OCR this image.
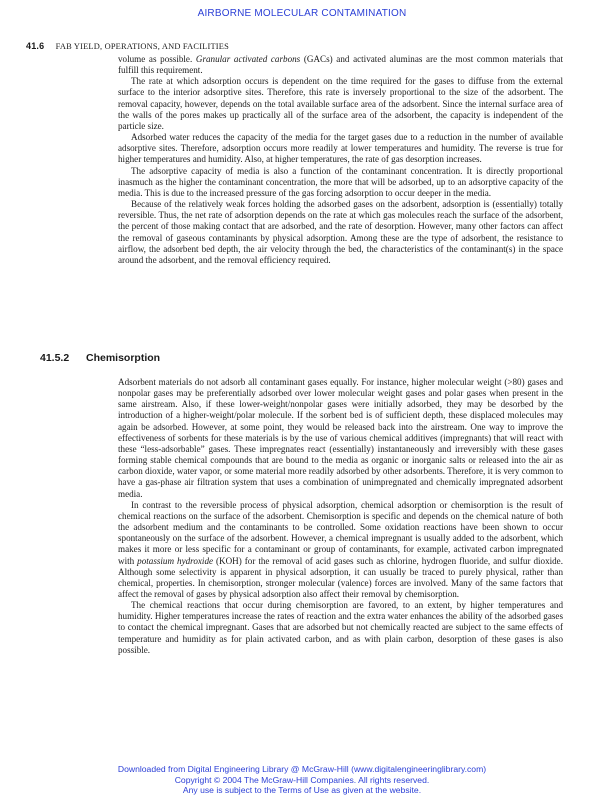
AIRBORNE MOLECULAR CONTAMINATION
41.6 FAB YIELD, OPERATIONS, AND FACILITIES

volume as possible. Granular activated carbons (GACs) and activated aluminas are the most common materials that fulfill this requirement.

The rate at which adsorption occurs is dependent on the time required for the gases to diffuse from the external surface to the interior adsorptive sites. Therefore, this rate is inversely proportional to the size of the adsorbent. The removal capacity, however, depends on the total available surface area of the adsorbent. Since the internal surface area of the walls of the pores makes up practically all of the surface area of the adsorbent, the capacity is independent of the particle size.

Adsorbed water reduces the capacity of the media for the target gases due to a reduction in the number of available adsorptive sites. Therefore, adsorption occurs more readily at lower temperatures and humidity. The reverse is true for higher temperatures and humidity. Also, at higher temperatures, the rate of gas desorption increases.

The adsorptive capacity of media is also a function of the contaminant concentration. It is directly proportional inasmuch as the higher the contaminant concentration, the more that will be adsorbed, up to an adsorptive capacity of the media. This is due to the increased pressure of the gas forcing adsorption to occur deeper in the media.

Because of the relatively weak forces holding the adsorbed gases on the adsorbent, adsorption is (essentially) totally reversible. Thus, the net rate of adsorption depends on the rate at which gas molecules reach the surface of the adsorbent, the percent of those making contact that are adsorbed, and the rate of desorption. However, many other factors can affect the removal of gaseous contaminants by physical adsorption. Among these are the type of adsorbent, the resistance to airflow, the adsorbent bed depth, the air velocity through the bed, the characteristics of the contaminant(s) in the space around the adsorbent, and the removal efficiency required.

41.5.2 Chemisorption

Adsorbent materials do not adsorb all contaminant gases equally. For instance, higher molecular weight (>80) gases and nonpolar gases may be preferentially adsorbed over lower molecular weight gases and polar gases when present in the same airstream. Also, if these lower-weight/nonpolar gases were initially adsorbed, they may be desorbed by the introduction of a higher-weight/polar molecule. If the sorbent bed is of sufficient depth, these displaced molecules may again be adsorbed. However, at some point, they would be released back into the airstream. One way to improve the effectiveness of sorbents for these materials is by the use of various chemical additives (impregnants) that will react with these “less-adsorbable” gases. These impregnates react (essentially) instantaneously and irreversibly with these gases forming stable chemical compounds that are bound to the media as organic or inorganic salts or released into the air as carbon dioxide, water vapor, or some material more readily adsorbed by other adsorbents. Therefore, it is very common to have a gas-phase air filtration system that uses a combination of unimpregnated and chemically impregnated adsorbent media.

In contrast to the reversible process of physical adsorption, chemical adsorption or chemisorption is the result of chemical reactions on the surface of the adsorbent. Chemisorption is specific and depends on the chemical nature of both the adsorbent medium and the contaminants to be controlled. Some oxidation reactions have been shown to occur spontaneously on the surface of the adsorbent. However, a chemical impregnant is usually added to the adsorbent, which makes it more or less specific for a contaminant or group of contaminants, for example, activated carbon impregnated with potassium hydroxide (KOH) for the removal of acid gases such as chlorine, hydrogen fluoride, and sulfur dioxide. Although some selectivity is apparent in physical adsorption, it can usually be traced to purely physical, rather than chemical, properties. In chemisorption, stronger molecular (valence) forces are involved. Many of the same factors that affect the removal of gases by physical adsorption also affect their removal by chemisorption.

The chemical reactions that occur during chemisorption are favored, to an extent, by higher temperatures and humidity. Higher temperatures increase the rates of reaction and the extra water enhances the ability of the adsorbed gases to contact the chemical impregnant. Gases that are adsorbed but not chemically reacted are subject to the same effects of temperature and humidity as for plain activated carbon, and as with plain carbon, desorption of these gases is also possible.

Downloaded from Digital Engineering Library @ McGraw-Hill (www.digitalengineeringlibrary.com)
Copyright © 2004 The McGraw-Hill Companies. All rights reserved.
Any use is subject to the Terms of Use as given at the website.
